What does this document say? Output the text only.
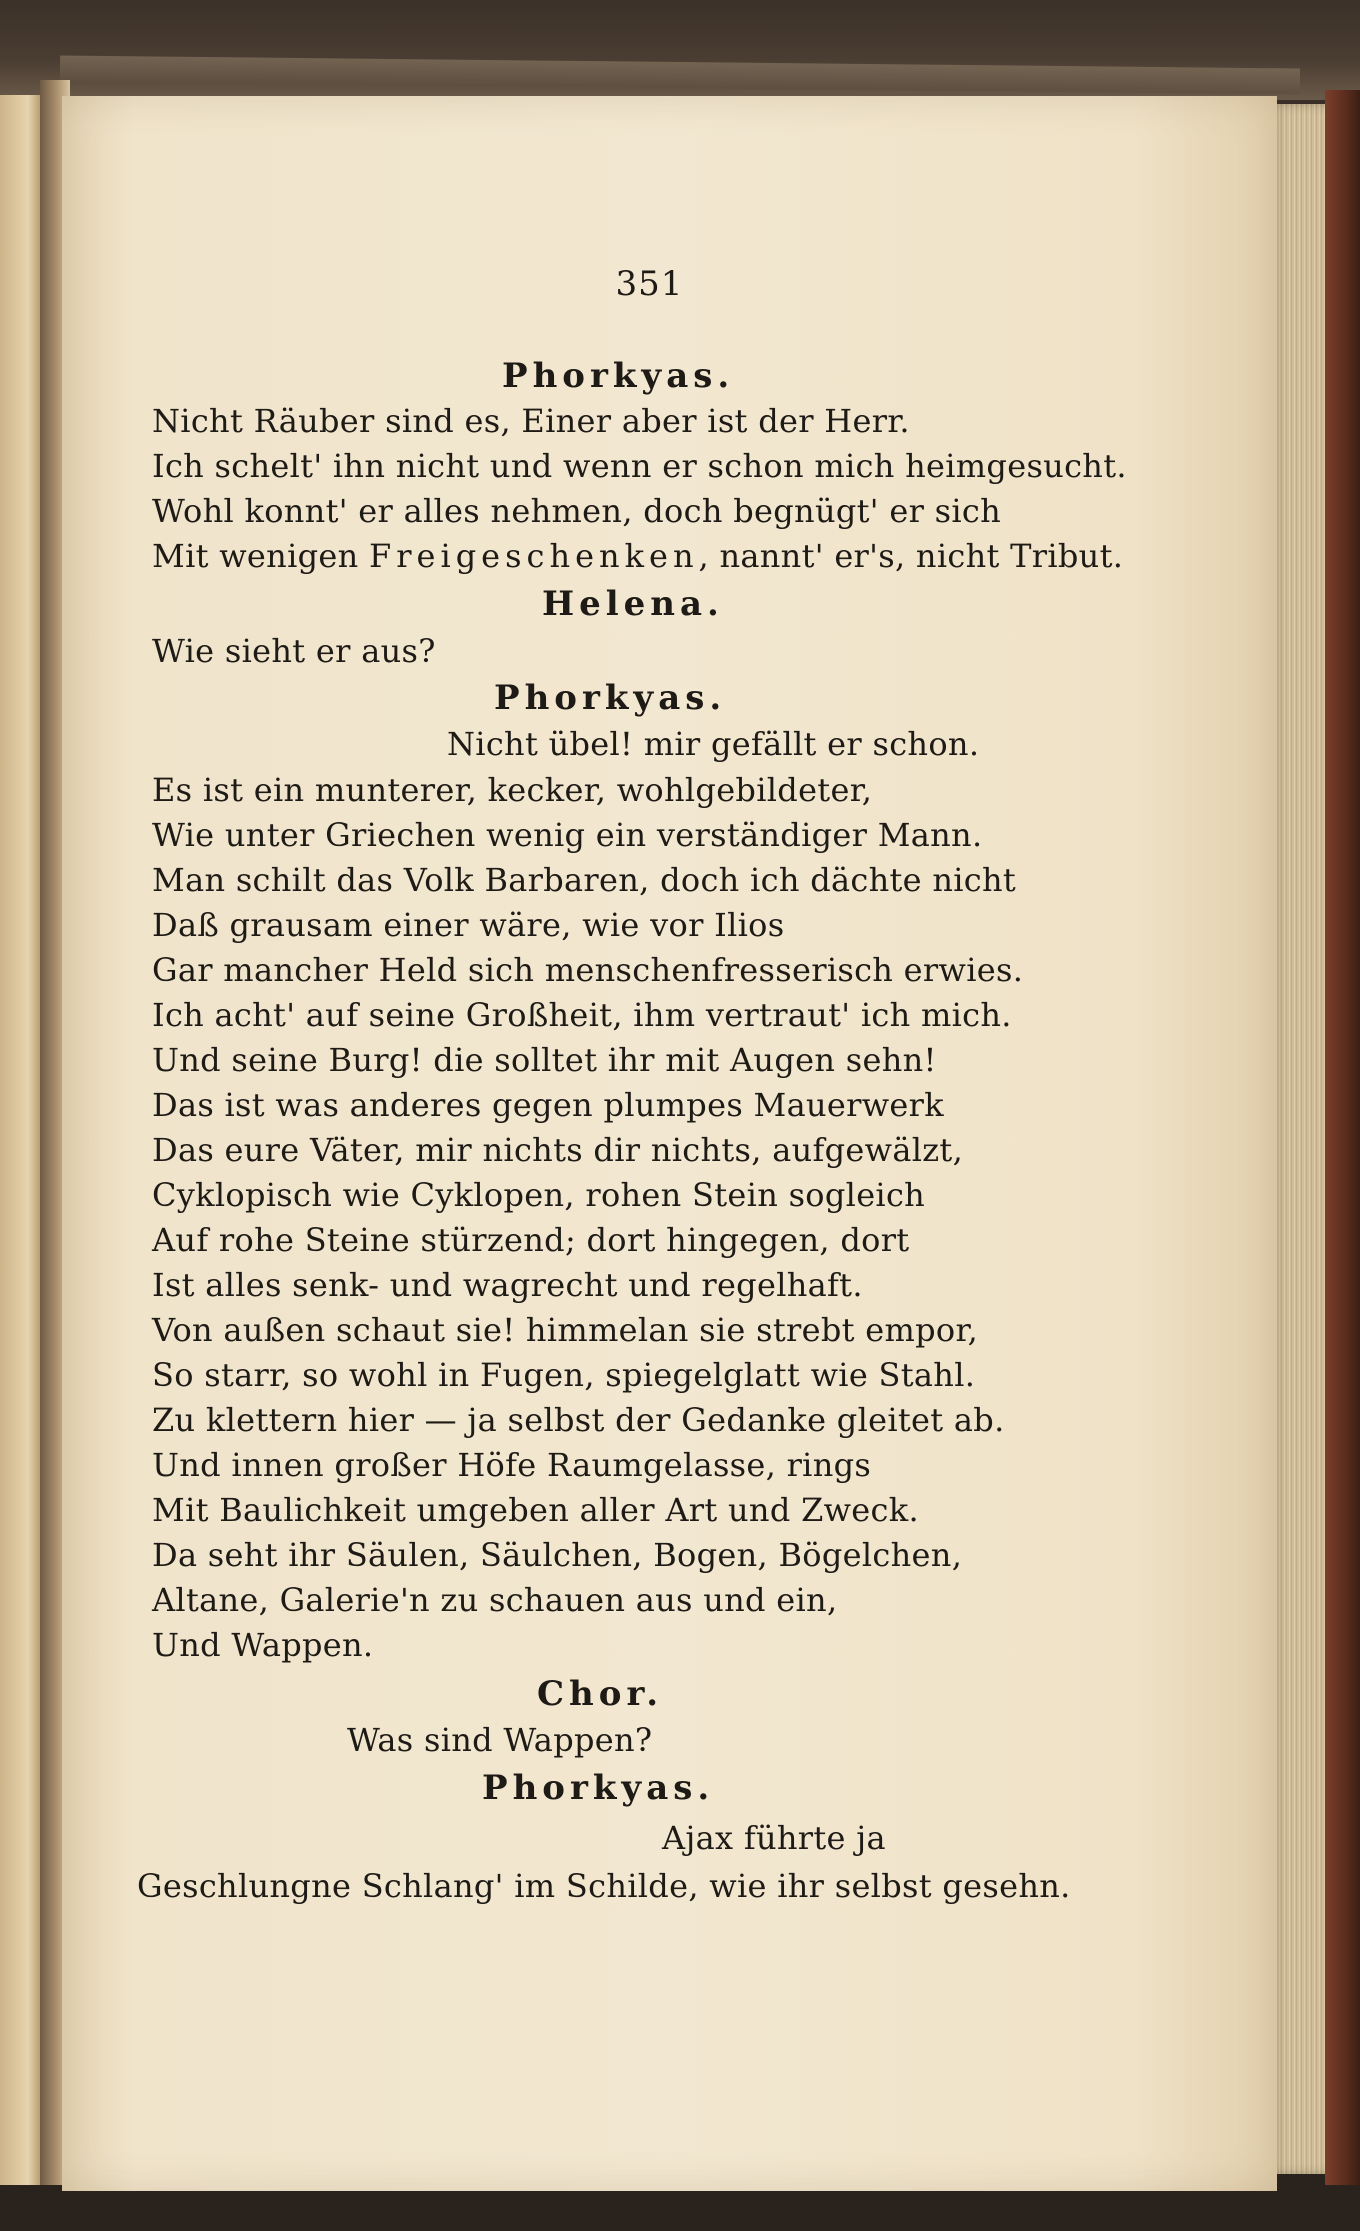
351
Phorkyas.
Nicht Räuber sind es, Einer aber ist der Herr.
Ich schelt' ihn nicht und wenn er schon mich heimgesucht.
Wohl konnt' er alles nehmen, doch begnügt' er sich
Mit wenigen Freigeschenken, nannt' er's, nicht Tribut.
Helena.
Wie sieht er aus?
Phorkyas.
Nicht übel! mir gefällt er schon.
Es ist ein munterer, kecker, wohlgebildeter,
Wie unter Griechen wenig ein verständiger Mann.
Man schilt das Volk Barbaren, doch ich dächte nicht
Daß grausam einer wäre, wie vor Ilios
Gar mancher Held sich menschenfresserisch erwies.
Ich acht' auf seine Großheit, ihm vertraut' ich mich.
Und seine Burg! die solltet ihr mit Augen sehn!
Das ist was anderes gegen plumpes Mauerwerk
Das eure Väter, mir nichts dir nichts, aufgewälzt,
Cyklopisch wie Cyklopen, rohen Stein sogleich
Auf rohe Steine stürzend; dort hingegen, dort
Ist alles senk- und wagrecht und regelhaft.
Von außen schaut sie! himmelan sie strebt empor,
So starr, so wohl in Fugen, spiegelglatt wie Stahl.
Zu klettern hier — ja selbst der Gedanke gleitet ab.
Und innen großer Höfe Raumgelasse, rings
Mit Baulichkeit umgeben aller Art und Zweck.
Da seht ihr Säulen, Säulchen, Bogen, Bögelchen,
Altane, Galerie'n zu schauen aus und ein,
Und Wappen.
Chor.
Was sind Wappen?
Phorkyas.
Ajax führte ja
Geschlungne Schlang' im Schilde, wie ihr selbst gesehn.
